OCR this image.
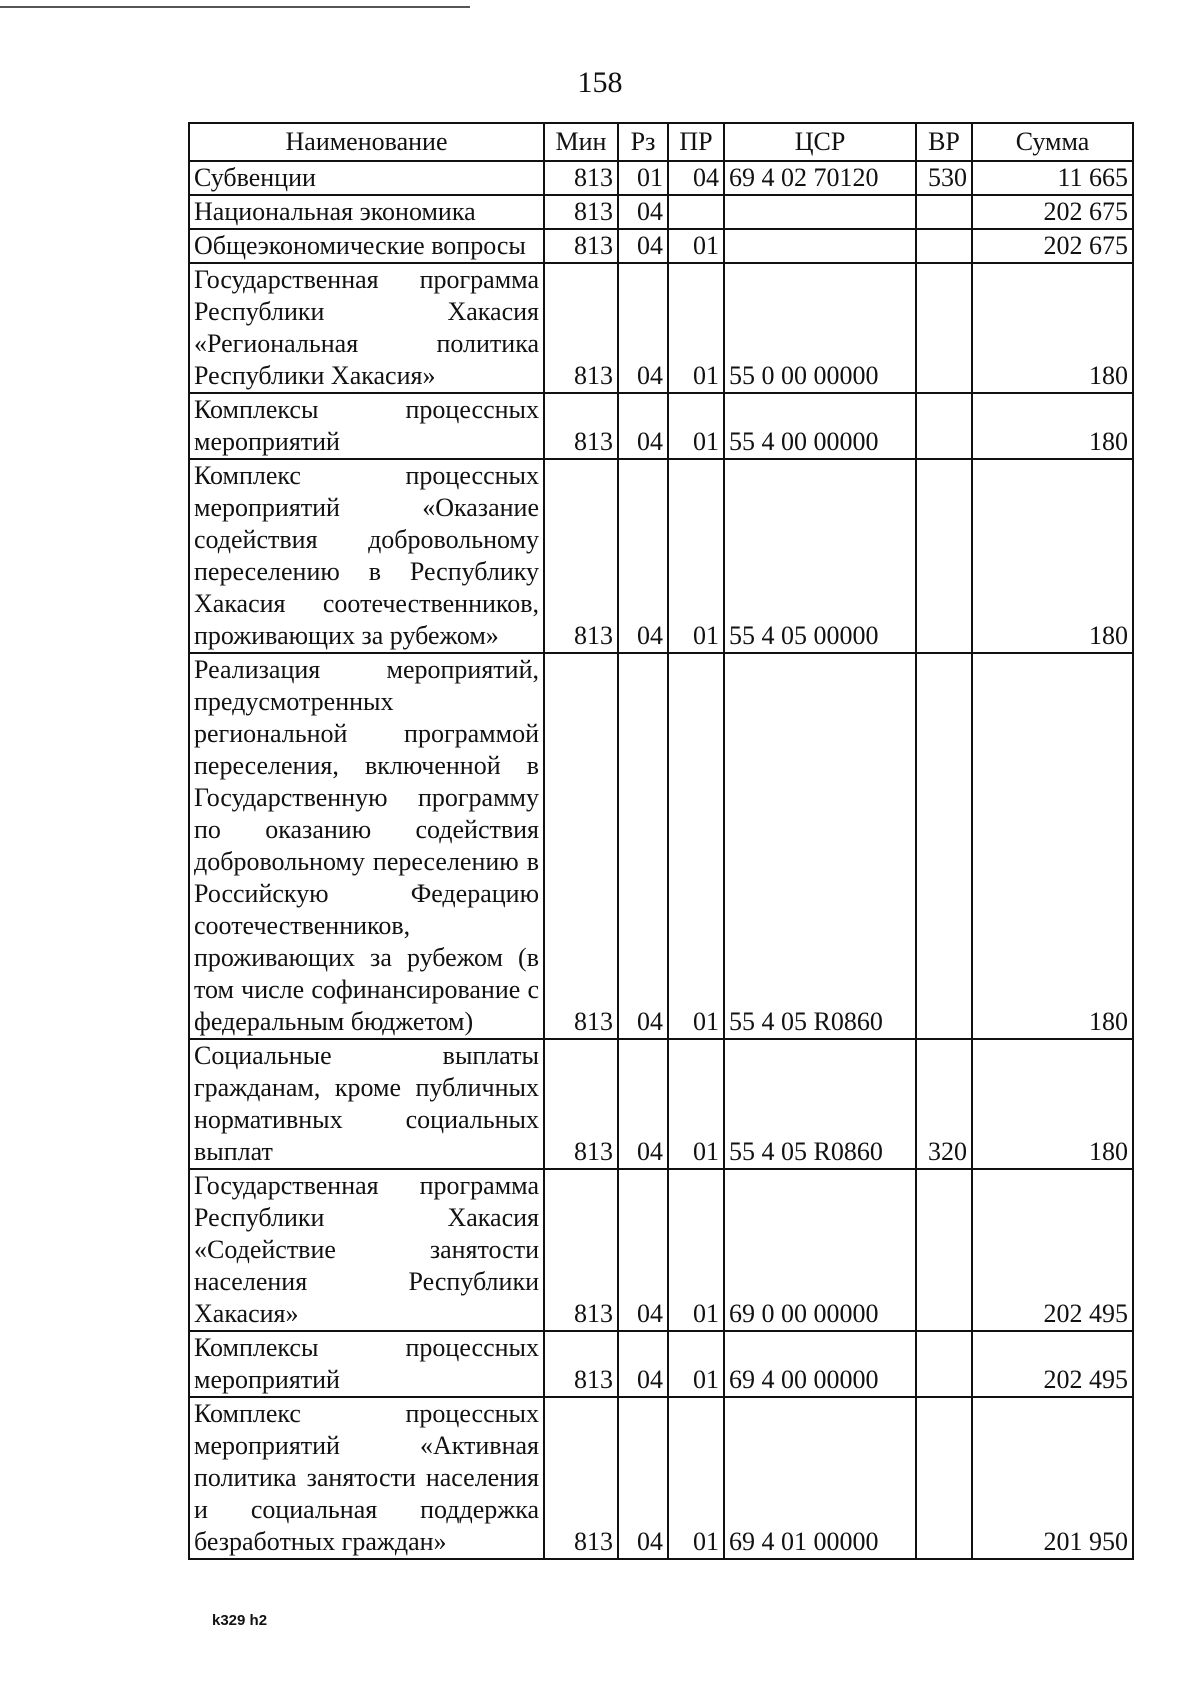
158
Наименование	Мин	Рз	ПР	ЦСР	ВР	Сумма
Субвенции	813	01	04	69 4 02 70120	530	11 665
Национальная экономика	813	04				202 675
Общеэкономические вопросы	813	04	01			202 675
Государственная программа Республики Хакасия «Региональная политика Республики Хакасия»	813	04	01	55 0 00 00000		180
Комплексы процессных мероприятий	813	04	01	55 4 00 00000		180
Комплекс процессных мероприятий «Оказание содействия добровольному переселению в Республику Хакасия соотечественников, проживающих за рубежом»	813	04	01	55 4 05 00000		180
Реализация мероприятий, предусмотренных региональной программой переселения, включенной в Государственную программу по оказанию содействия добровольному переселению в Российскую Федерацию соотечественников, проживающих за рубежом (в том числе софинансирование с федеральным бюджетом)	813	04	01	55 4 05 R0860		180
Социальные выплаты гражданам, кроме публичных нормативных социальных выплат	813	04	01	55 4 05 R0860	320	180
Государственная программа Республики Хакасия «Содействие занятости населения Республики Хакасия»	813	04	01	69 0 00 00000		202 495
Комплексы процессных мероприятий	813	04	01	69 4 00 00000		202 495
Комплекс процессных мероприятий «Активная политика занятости населения и социальная поддержка безработных граждан»	813	04	01	69 4 01 00000		201 950
k329 h2
